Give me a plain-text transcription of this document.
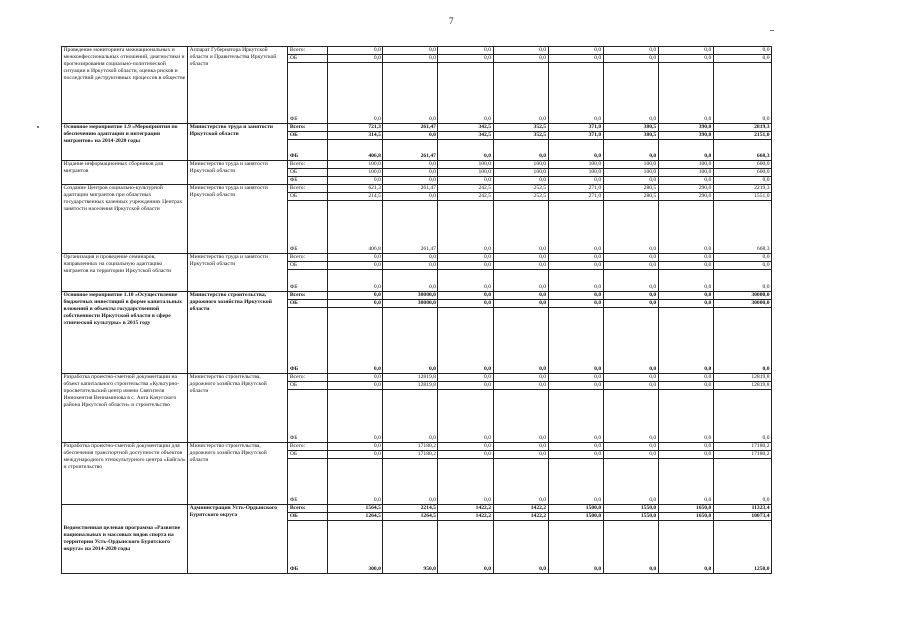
7
Проведение мониторинга межнациональных и межконфессиональных отношений, диагностики и прогнозирования социально-политической ситуации в Иркутской области, оценка рисков и последствий деструктивных процессов в обществе	Аппарат Губернатора Иркутской области и Правительства Иркутской области	Всего:	0,0	0,0	0,0	0,0	0,0	0,0	0,0	0,0
		ОБ	0,0	0,0	0,0	0,0	0,0	0,0	0,0	0,0
		ФБ	0,0	0,0	0,0	0,0	0,0	0,0	0,0	0,0
Основное мероприятие 1.9 «Мероприятия по обеспечению адаптации и интеграции мигрантов» на 2014-2020 годы	Министерство труда и занятости Иркутской области	Всего:	721,3	261,47	342,5	352,5	371,0	380,5	390,0	2819,3
		ОБ	314,5	0,0	342,5	352,5	371,0	380,5	390,0	2151,0
		ФБ	406,8	261,47	0,0	0,0	0,0	0,0	0,0	668,3
Издание информационных сборников для мигрантов	Министерство труда и занятости Иркутской области	Всего:	100,0	0,0	100,0	100,0	100,0	100,0	100,0	600,0
		ОБ	100,0	0,0	100,0	100,0	100,0	100,0	100,0	600,0
		ФБ	0,0	0,0	0,0	0,0	0,0	0,0	0,0	0,0
Создание Центров социально-культурной адаптации мигрантов при областных государственных казенных учреждениях Центрах занятости населения Иркутской области	Министерство труда и занятости Иркутской области	Всего:	621,3	261,47	242,5	252,5	271,0	280,5	290,0	2219,3
		ОБ	214,5	0,0	242,5	252,5	271,0	280,5	290,0	1551,0
		ФБ	406,8	261,47	0,0	0,0	0,0	0,0	0,0	668,3
Организация и проведение семинаров, направленных на социальную адаптацию мигрантов на территории Иркутской области	Министерство труда и занятости Иркутской области	Всего:	0,0	0,0	0,0	0,0	0,0	0,0	0,0	0,0
		ОБ	0,0	0,0	0,0	0,0	0,0	0,0	0,0	0,0
		ФБ	0,0	0,0	0,0	0,0	0,0	0,0	0,0	0,0
Основное мероприятие 1.10 «Осуществление бюджетных инвестиций в форме капитальных вложений в объекты государственной собственности Иркутской области в сфере этнической культуры» в 2015 году	Министерство строительства, дорожного хозяйства Иркутской области	Всего:	0,0	30000,0	0,0	0,0	0,0	0,0	0,0	30000,0
		ОБ	0,0	30000,0	0,0	0,0	0,0	0,0	0,0	30000,0
		ФБ	0,0	0,0	0,0	0,0	0,0	0,0	0,0	0,0
Разработка проектно-сметной документации на объект капитального строительства «Культурно-просветительский центр имени Святителя Иннокентия Вениаминова в с. Анга Качугского района Иркутской области» и строительство	Министерство строительства, дорожного хозяйства Иркутской области	Всего:	0,0	12819,8	0,0	0,0	0,0	0,0	0,0	12819,8
		ОБ	0,0	12819,8	0,0	0,0	0,0	0,0	0,0	12819,8
		ФБ	0,0	0,0	0,0	0,0	0,0	0,0	0,0	0,0
Разработка проектно-сметной документации для обеспечения транспортной доступности объектов международного этнокультурного центра «Байгал» и строительство	Министерство строительства, дорожного хозяйства Иркутской области	Всего:	0,0	17180,2	0,0	0,0	0,0	0,0	0,0	17180,2
		ОБ	0,0	17180,2	0,0	0,0	0,0	0,0	0,0	17180,2
		ФБ	0,0	0,0	0,0	0,0	0,0	0,0	0,0	0,0
Ведомственная целевая программа «Развитие национальных и массовых видов спорта на территории Усть-Ордынского Бурятского округа» на 2014-2020 годы	Администрация Усть-Ордынского Бурятского округа	Всего:	1564,5	2214,5	1422,2	1422,2	1500,0	1550,0	1650,0	11323,4
		ОБ	1264,5	1264,5	1422,2	1422,2	1500,0	1550,0	1650,0	10073,4
		ФБ	300,0	950,0	0,0	0,0	0,0	0,0	0,0	1250,0
